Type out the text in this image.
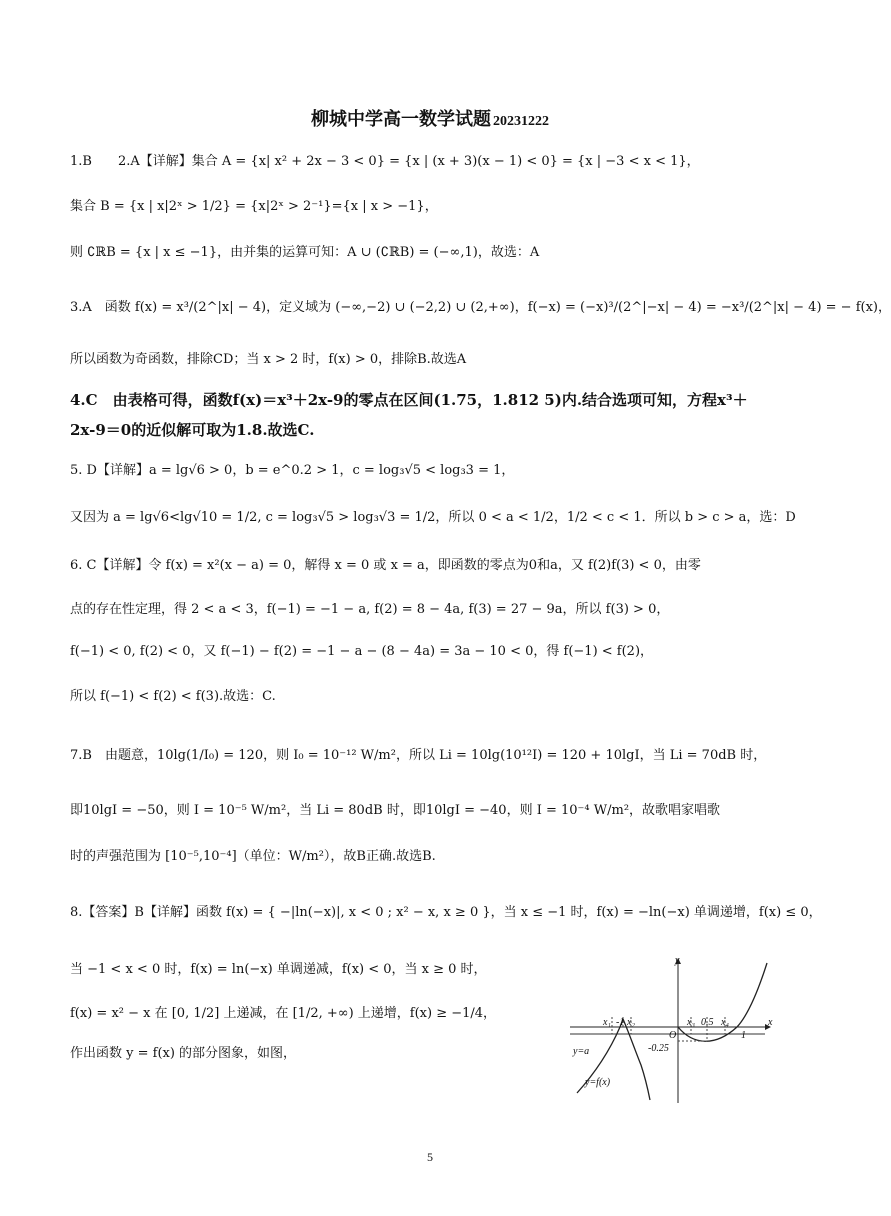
柳城中学高一数学试题 20231222
1.B　　2.A【详解】集合 A = {x| x² + 2x − 3 < 0} = {x | (x + 3)(x − 1) < 0} = {x | −3 < x < 1}，
集合 B = {x | x|2ˣ > 1/2} = {x|2ˣ > 2⁻¹}={x | x > −1}，
则 ∁ℝB = {x | x ≤ −1}，由并集的运算可知：A ∪ (∁ℝB) = (−∞,1)，故选：A
3.A　函数 f(x) = x³/(2^|x| − 4)，定义域为 (−∞,−2) ∪ (−2,2) ∪ (2,+∞)，f(−x) = (−x)³/(2^|−x| − 4) = −x³/(2^|x| − 4) = − f(x)，
所以函数为奇函数，排除CD；当 x > 2 时，f(x) > 0，排除B.故选A
4.C　由表格可得，函数f(x)＝x³＋2x-9的零点在区间(1.75，1.812 5)内.结合选项可知，方程x³＋
2x-9＝0的近似解可取为1.8.故选C.
5. D【详解】a = lg√6 > 0，b = e^0.2 > 1，c = log₃√5 < log₃3 = 1，
又因为 a = lg√6<lg√10 = 1/2, c = log₃√5 > log₃√3 = 1/2，所以 0 < a < 1/2，1/2 < c < 1．所以 b > c > a，选：D
6. C【详解】令 f(x) = x²(x − a) = 0，解得 x = 0 或 x = a，即函数的零点为0和a，又 f(2)f(3) < 0，由零
点的存在性定理，得 2 < a < 3，f(−1) = −1 − a, f(2) = 8 − 4a, f(3) = 27 − 9a，所以 f(3) > 0，
f(−1) < 0, f(2) < 0，又 f(−1) − f(2) = −1 − a − (8 − 4a) = 3a − 10 < 0，得 f(−1) < f(2)，
所以 f(−1) < f(2) < f(3).故选：C.
7.B　由题意，10lg(1/I₀) = 120，则 I₀ = 10⁻¹² W/m²，所以 Li = 10lg(10¹²I) = 120 + 10lgI，当 Li = 70dB 时，
即10lgI = −50，则 I = 10⁻⁵ W/m²，当 Li = 80dB 时，即10lgI = −40，则 I = 10⁻⁴ W/m²，故歌唱家唱歌
时的声强范围为 [10⁻⁵,10⁻⁴]（单位：W/m²），故B正确.故选B.
8.【答案】B【详解】函数 f(x) = { −|ln(−x)|, x < 0 ; x² − x, x ≥ 0 }，当 x ≤ −1 时，f(x) = −ln(−x) 单调递增，f(x) ≤ 0，
当 −1 < x < 0 时，f(x) = ln(−x) 单调递减，f(x) < 0，当 x ≥ 0 时，
f(x) = x² − x 在 [0, 1/2] 上递减，在 [1/2, +∞) 上递增，f(x) ≥ −1/4，
作出函数 y = f(x) 的部分图象，如图，
y
x
O
x₁ -1 x₂	x₃ 0.5 x₄
1
-0.25
y=a
y=f(x)
5
